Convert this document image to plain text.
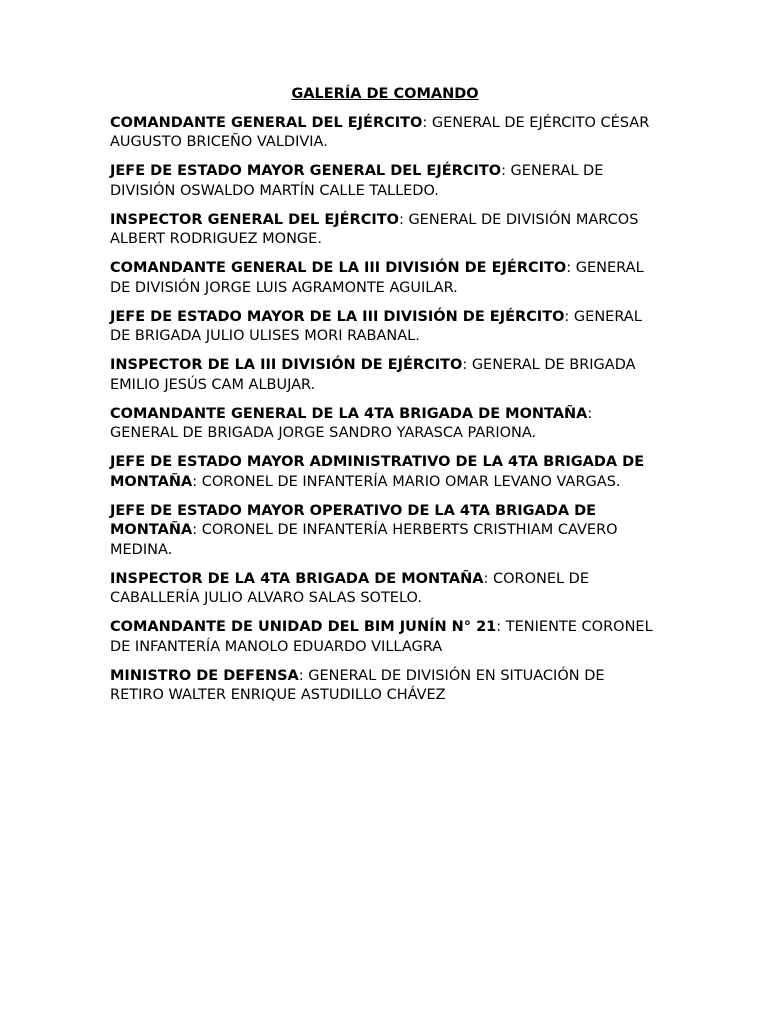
GALERÍA DE COMANDO

COMANDANTE GENERAL DEL EJÉRCITO: GENERAL DE EJÉRCITO CÉSAR AUGUSTO BRICEÑO VALDIVIA.

JEFE DE ESTADO MAYOR GENERAL DEL EJÉRCITO: GENERAL DE DIVISIÓN OSWALDO MARTÍN CALLE TALLEDO.

INSPECTOR GENERAL DEL EJÉRCITO: GENERAL DE DIVISIÓN MARCOS ALBERT RODRIGUEZ MONGE.

COMANDANTE GENERAL DE LA III DIVISIÓN DE EJÉRCITO: GENERAL DE DIVISIÓN JORGE LUIS AGRAMONTE AGUILAR.

JEFE DE ESTADO MAYOR DE LA III DIVISIÓN DE EJÉRCITO: GENERAL DE BRIGADA JULIO ULISES MORI RABANAL.

INSPECTOR DE LA III DIVISIÓN DE EJÉRCITO: GENERAL DE BRIGADA EMILIO JESÚS CAM ALBUJAR.

COMANDANTE GENERAL DE LA 4TA BRIGADA DE MONTAÑA: GENERAL DE BRIGADA JORGE SANDRO YARASCA PARIONA.

JEFE DE ESTADO MAYOR ADMINISTRATIVO DE LA 4TA BRIGADA DE MONTAÑA: CORONEL DE INFANTERÍA MARIO OMAR LEVANO VARGAS.

JEFE DE ESTADO MAYOR OPERATIVO DE LA 4TA BRIGADA DE MONTAÑA: CORONEL DE INFANTERÍA HERBERTS CRISTHIAM CAVERO MEDINA.

INSPECTOR DE LA 4TA BRIGADA DE MONTAÑA: CORONEL DE CABALLERÍA JULIO ALVARO SALAS SOTELO.

COMANDANTE DE UNIDAD DEL BIM JUNÍN N° 21: TENIENTE CORONEL DE INFANTERÍA MANOLO EDUARDO VILLAGRA

MINISTRO DE DEFENSA: GENERAL DE DIVISIÓN EN SITUACIÓN DE RETIRO WALTER ENRIQUE ASTUDILLO CHÁVEZ
